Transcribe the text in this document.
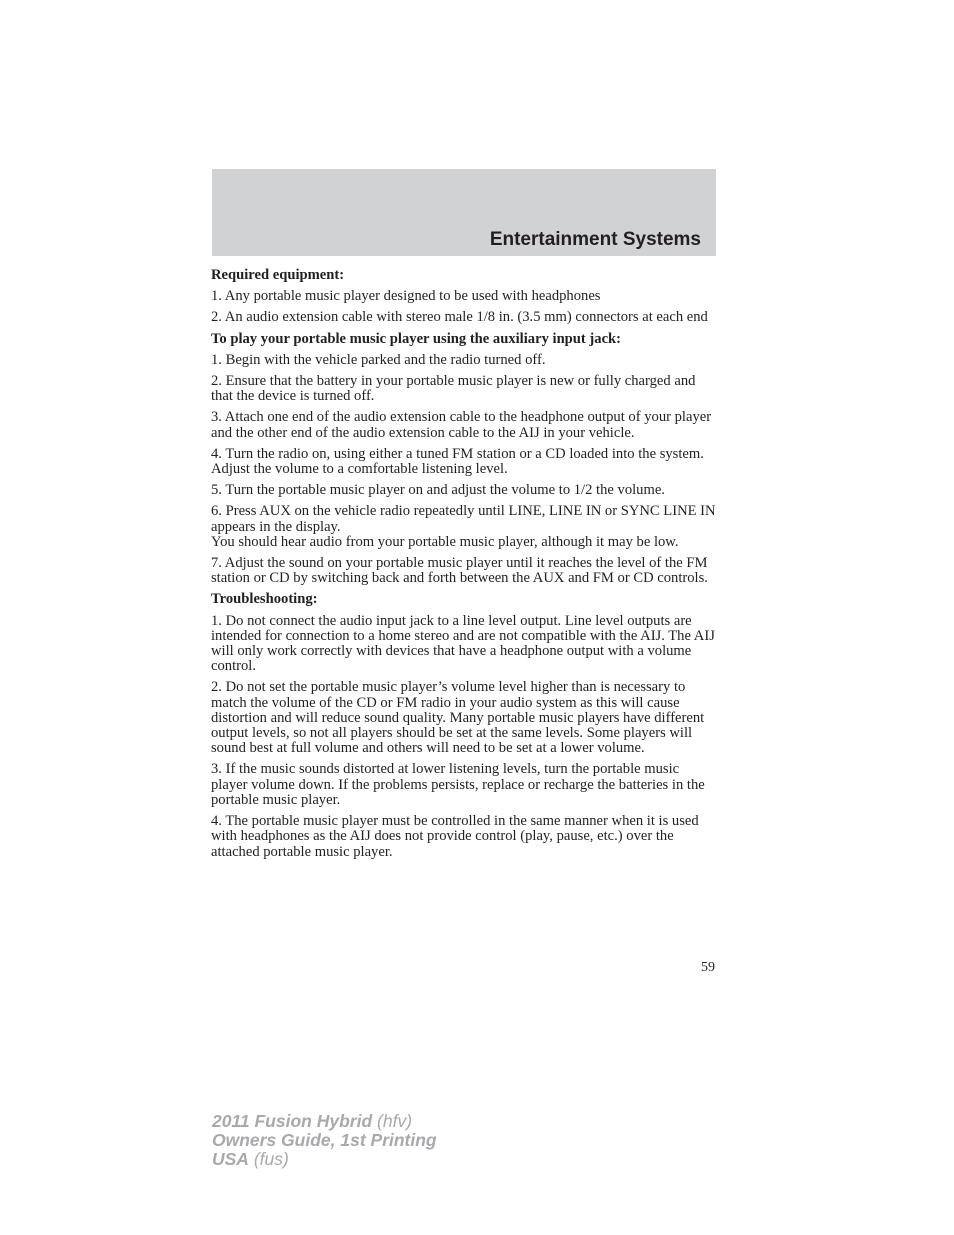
Entertainment Systems
Required equipment:
1. Any portable music player designed to be used with headphones
2. An audio extension cable with stereo male 1/8 in. (3.5 mm) connectors at each end
To play your portable music player using the auxiliary input jack:
1. Begin with the vehicle parked and the radio turned off.
2. Ensure that the battery in your portable music player is new or fully charged and that the device is turned off.
3. Attach one end of the audio extension cable to the headphone output of your player and the other end of the audio extension cable to the AIJ in your vehicle.
4. Turn the radio on, using either a tuned FM station or a CD loaded into the system. Adjust the volume to a comfortable listening level.
5. Turn the portable music player on and adjust the volume to 1/2 the volume.
6. Press AUX on the vehicle radio repeatedly until LINE, LINE IN or SYNC LINE IN appears in the display.
You should hear audio from your portable music player, although it may be low.
7. Adjust the sound on your portable music player until it reaches the level of the FM station or CD by switching back and forth between the AUX and FM or CD controls.
Troubleshooting:
1. Do not connect the audio input jack to a line level output. Line level outputs are intended for connection to a home stereo and are not compatible with the AIJ. The AIJ will only work correctly with devices that have a headphone output with a volume control.
2. Do not set the portable music player’s volume level higher than is necessary to match the volume of the CD or FM radio in your audio system as this will cause distortion and will reduce sound quality. Many portable music players have different output levels, so not all players should be set at the same levels. Some players will sound best at full volume and others will need to be set at a lower volume.
3. If the music sounds distorted at lower listening levels, turn the portable music player volume down. If the problems persists, replace or recharge the batteries in the portable music player.
4. The portable music player must be controlled in the same manner when it is used with headphones as the AIJ does not provide control (play, pause, etc.) over the attached portable music player.
59
2011 Fusion Hybrid (hfv)
Owners Guide, 1st Printing
USA (fus)
